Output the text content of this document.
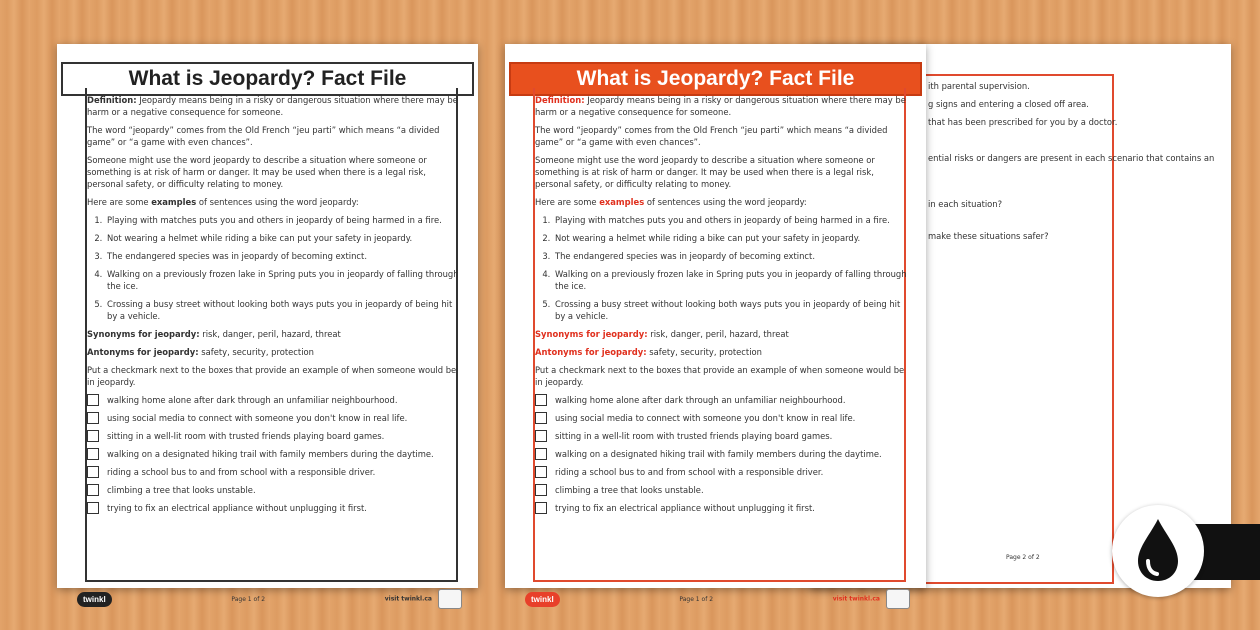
What is Jeopardy? Fact File

Definition: Jeopardy means being in a risky or dangerous situation where there may be harm or a negative consequence for someone.

The word “jeopardy” comes from the Old French “jeu parti” which means “a divided game” or “a game with even chances”.

Someone might use the word jeopardy to describe a situation where someone or something is at risk of harm or danger. It may be used when there is a legal risk, personal safety, or difficulty relating to money.

Here are some examples of sentences using the word jeopardy:

1. Playing with matches puts you and others in jeopardy of being harmed in a fire.
2. Not wearing a helmet while riding a bike can put your safety in jeopardy.
3. The endangered species was in jeopardy of becoming extinct.
4. Walking on a previously frozen lake in Spring puts you in jeopardy of falling through the ice.
5. Crossing a busy street without looking both ways puts you in jeopardy of being hit by a vehicle.

Synonyms for jeopardy: risk, danger, peril, hazard, threat

Antonyms for jeopardy: safety, security, protection

Put a checkmark next to the boxes that provide an example of when someone would be in jeopardy.

walking home alone after dark through an unfamiliar neighbourhood.
using social media to connect with someone you don't know in real life.
sitting in a well-lit room with trusted friends playing board games.
walking on a designated hiking trail with family members during the daytime.
riding a school bus to and from school with a responsible driver.
climbing a tree that looks unstable.
trying to fix an electrical appliance without unplugging it first.
twinkl	Page 1 of 2	visit twinkl.ca
ith parental supervision.
g signs and entering a closed off area.
that has been prescribed for you by a doctor.
ential risks or dangers are present in each scenario that contains an
in each situation?
make these situations safer?
Page 2 of 2
What is Jeopardy? Fact File

Definition: Jeopardy means being in a risky or dangerous situation where there may be harm or a negative consequence for someone.

The word “jeopardy” comes from the Old French “jeu parti” which means “a divided game” or “a game with even chances”.

Someone might use the word jeopardy to describe a situation where someone or something is at risk of harm or danger. It may be used when there is a legal risk, personal safety, or difficulty relating to money.

Here are some examples of sentences using the word jeopardy:

1. Playing with matches puts you and others in jeopardy of being harmed in a fire.
2. Not wearing a helmet while riding a bike can put your safety in jeopardy.
3. The endangered species was in jeopardy of becoming extinct.
4. Walking on a previously frozen lake in Spring puts you in jeopardy of falling through the ice.
5. Crossing a busy street without looking both ways puts you in jeopardy of being hit by a vehicle.

Synonyms for jeopardy: risk, danger, peril, hazard, threat

Antonyms for jeopardy: safety, security, protection

Put a checkmark next to the boxes that provide an example of when someone would be in jeopardy.

walking home alone after dark through an unfamiliar neighbourhood.
using social media to connect with someone you don't know in real life.
sitting in a well-lit room with trusted friends playing board games.
walking on a designated hiking trail with family members during the daytime.
riding a school bus to and from school with a responsible driver.
climbing a tree that looks unstable.
trying to fix an electrical appliance without unplugging it first.
twinkl	Page 1 of 2	visit twinkl.ca
